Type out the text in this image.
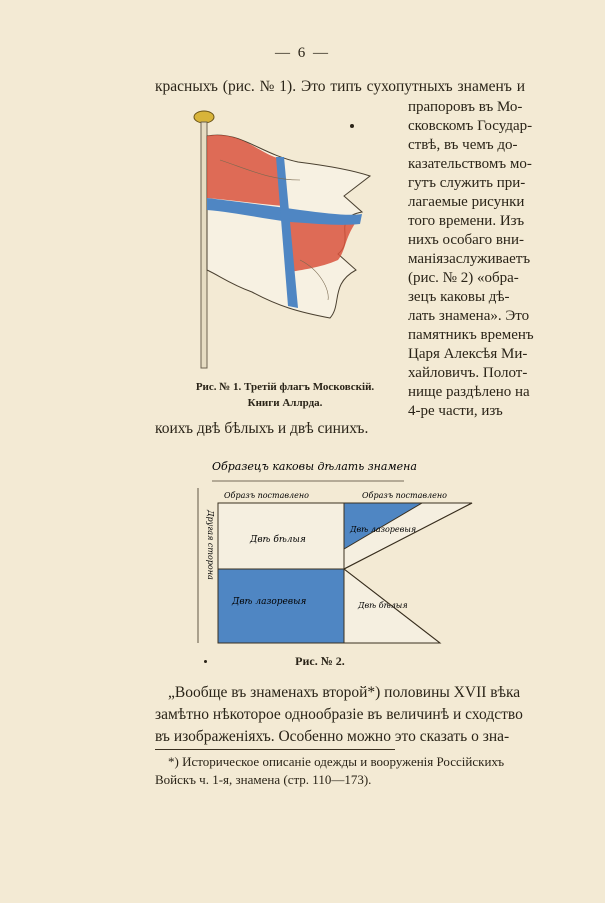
— 6 —
красныхъ (рис. № 1). Это типъ сухопутныхъ знаменъ и
прапоровъ въ Мо-
сковскомъ Государ-
ствѣ, въ чемъ до-
казательствомъ мо-
гутъ служить при-
лагаемые рисунки
того времени. Изъ
нихъ особаго вни-
маніязаслуживаетъ
(рис. № 2) «обра-
зецъ каковы дѣ-
лать знамена». Это
памятникъ временъ
Царя Алексѣя Ми-
хайловичъ. Полот-
нище раздѣлено на
4-ре части, изъ
Рис. № 1. Третій флагъ Московскій.
Книги Аллрда.
коихъ двѣ бѣлыхъ и двѣ синихъ.
Образецъ каковы дѣлать знамена
Образъ поставлено	Образъ поставлено
Другая сторона	Двѣ бѣлыя
Двѣ лазоревыя
Двѣ лазоревыя	Двѣ бѣлыя
Рис. № 2.
„Вообще въ знаменахъ второй*) половины XVII вѣка
замѣтно нѣкоторое однообразіе въ величинѣ и сходство
въ изображеніяхъ. Особенно можно это сказать о зна-
*) Историческое описаніе одежды и вооруженія Россійскихъ
Войскъ ч. 1-я, знамена (стр. 110—173).
